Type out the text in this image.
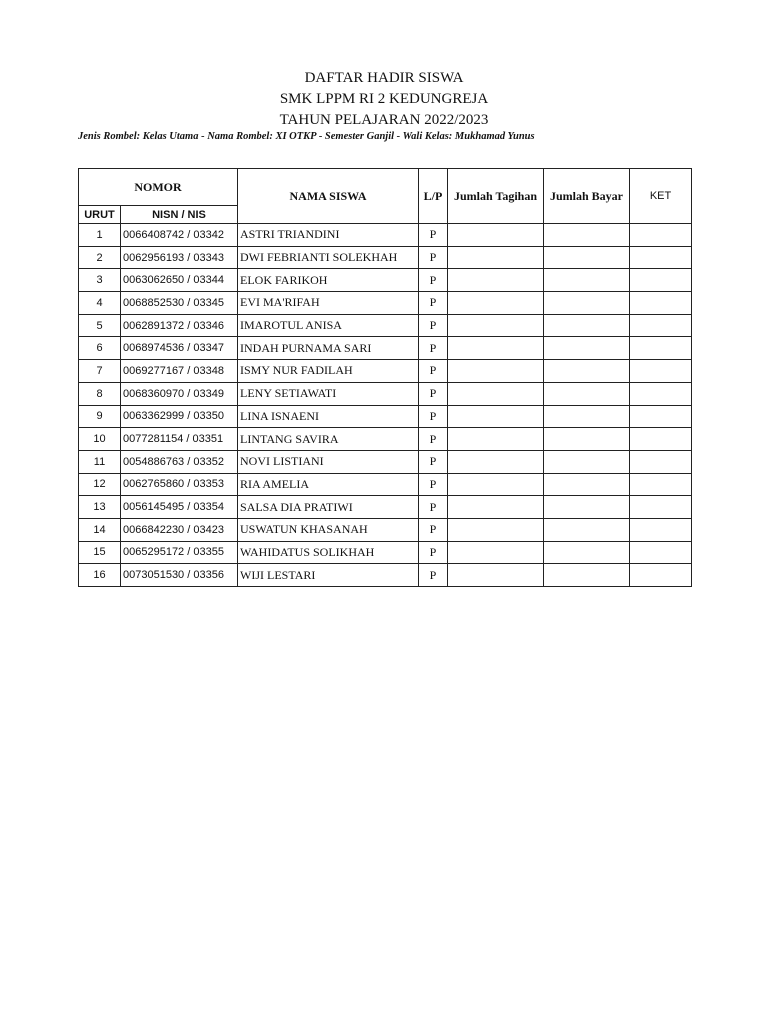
DAFTAR HADIR SISWA
SMK LPPM RI 2 KEDUNGREJA
TAHUN PELAJARAN 2022/2023
Jenis Rombel: Kelas Utama - Nama Rombel: XI OTKP - Semester Ganjil - Wali Kelas: Mukhamad Yunus
NOMOR		NAMA SISWA	L/P	Jumlah Tagihan	Jumlah Bayar	KET
URUT	NISN / NIS					
1	0066408742 / 03342	ASTRI TRIANDINI	P			
2	0062956193 / 03343	DWI FEBRIANTI SOLEKHAH	P			
3	0063062650 / 03344	ELOK FARIKOH	P			
4	0068852530 / 03345	EVI MA'RIFAH	P			
5	0062891372 / 03346	IMAROTUL ANISA	P			
6	0068974536 / 03347	INDAH PURNAMA SARI	P			
7	0069277167 / 03348	ISMY NUR FADILAH	P			
8	0068360970 / 03349	LENY SETIAWATI	P			
9	0063362999 / 03350	LINA ISNAENI	P			
10	0077281154 / 03351	LINTANG SAVIRA	P			
11	0054886763 / 03352	NOVI LISTIANI	P			
12	0062765860 / 03353	RIA AMELIA	P			
13	0056145495 / 03354	SALSA DIA PRATIWI	P			
14	0066842230 / 03423	USWATUN KHASANAH	P			
15	0065295172 / 03355	WAHIDATUS SOLIKHAH	P			
16	0073051530 / 03356	WIJI LESTARI	P			
